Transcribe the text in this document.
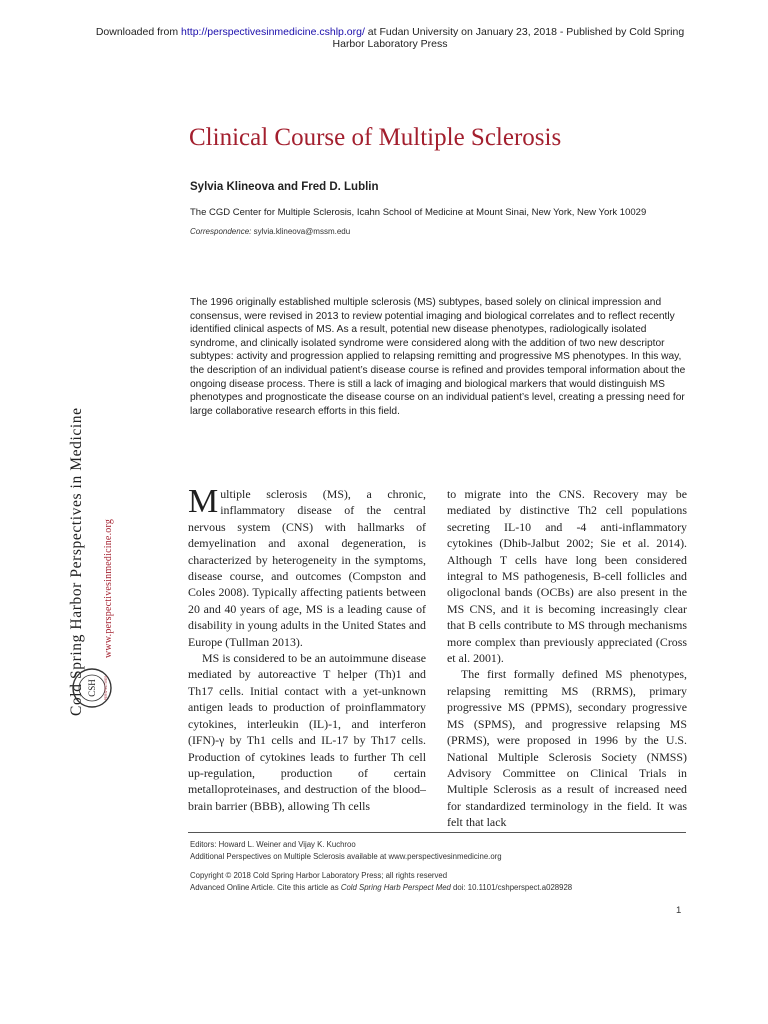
Downloaded from http://perspectivesinmedicine.cshlp.org/ at Fudan University on January 23, 2018 - Published by Cold Spring
Harbor Laboratory Press
Clinical Course of Multiple Sclerosis
Sylvia Klineova and Fred D. Lublin
The CGD Center for Multiple Sclerosis, Icahn School of Medicine at Mount Sinai, New York, New York 10029
Correspondence: sylvia.klineova@mssm.edu

The 1996 originally established multiple sclerosis (MS) subtypes, based solely on clinical impression and consensus, were revised in 2013 to review potential imaging and biological correlates and to reflect recently identified clinical aspects of MS. As a result, potential new disease phenotypes, radiologically isolated syndrome, and clinically isolated syndrome were considered along with the addition of two new descriptor subtypes: activity and progression applied to relapsing remitting and progressive MS phenotypes. In this way, the description of an individual patient’s disease course is refined and provides temporal information about the ongoing disease process. There is still a lack of imaging and biological markers that would distinguish MS phenotypes and prognosticate the disease course on an individual patient’s level, creating a pressing need for large collaborative research efforts in this field.

Cold Spring Harbor Perspectives in Medicine www.perspectivesinmedicine.org
CSH PERSPECTIVES

Multiple sclerosis (MS), a chronic, inflammatory disease of the central nervous system (CNS) with hallmarks of demyelination and axonal degeneration, is characterized by heterogeneity in the symptoms, disease course, and outcomes (Compston and Coles 2008). Typically affecting patients between 20 and 40 years of age, MS is a leading cause of disability in young adults in the United States and Europe (Tullman 2013).

MS is considered to be an autoimmune disease mediated by autoreactive T helper (Th)1 and Th17 cells. Initial contact with a yet-unknown antigen leads to production of proinflammatory cytokines, interleukin (IL)-1, and interferon (IFN)-γ by Th1 cells and IL-17 by Th17 cells. Production of cytokines leads to further Th cell up-regulation, production of certain metalloproteinases, and destruction of the blood–brain barrier (BBB), allowing Th cells

to migrate into the CNS. Recovery may be mediated by distinctive Th2 cell populations secreting IL-10 and -4 anti-inflammatory cytokines (Dhib-Jalbut 2002; Sie et al. 2014). Although T cells have long been considered integral to MS pathogenesis, B-cell follicles and oligoclonal bands (OCBs) are also present in the MS CNS, and it is becoming increasingly clear that B cells contribute to MS through mechanisms more complex than previously appreciated (Cross et al. 2001).

The first formally defined MS phenotypes, relapsing remitting MS (RRMS), primary progressive MS (PPMS), secondary progressive MS (SPMS), and progressive relapsing MS (PRMS), were proposed in 1996 by the U.S. National Multiple Sclerosis Society (NMSS) Advisory Committee on Clinical Trials in Multiple Sclerosis as a result of increased need for standardized terminology in the field. It was felt that lack

Editors: Howard L. Weiner and Vijay K. Kuchroo

Additional Perspectives on Multiple Sclerosis available at www.perspectivesinmedicine.org

Copyright © 2018 Cold Spring Harbor Laboratory Press; all rights reserved

Advanced Online Article. Cite this article as Cold Spring Harb Perspect Med doi: 10.1101/cshperspect.a028928

1
